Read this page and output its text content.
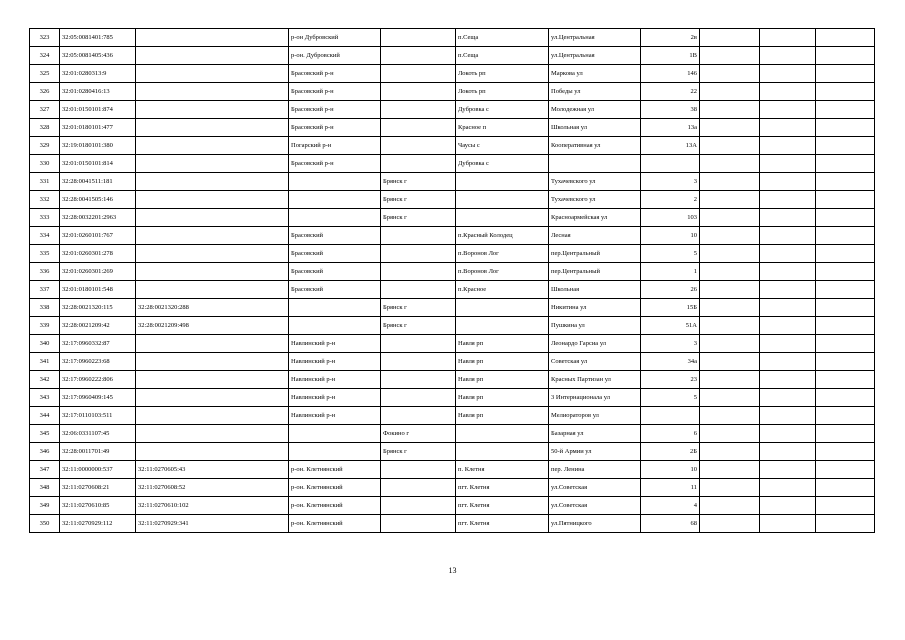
323	32:05:0081401:785		р-он Дубровский		п.Сеща	ул.Центральная	2в			
324	32:05:0081405:436		р-он. Дубровский		п.Сеща	ул.Центральная	1В			
325	32:01:0280313:9		Брасовский р-н		Локоть рп	Маркова ул	146			
326	32:01:0280416:13		Брасовский р-н		Локоть рп	Победы ул	22			
327	32:01:0150101:874		Брасовский р-н		Дубровка с	Молодежная ул	38			
328	32:01:0180101:477		Брасовский р-н		Красное п	Школьная ул	13а			
329	32:19:0180101:380		Погарский р-н		Чаусы с	Кооперативная ул	13А			
330	32:01:0150101:814		Брасовский р-н		Дубровка с					
331	32:28:0041511:181			Брянск г		Тухачевского ул	3			
332	32:28:0041505:146			Брянск г		Тухачевского ул	2			
333	32:28:0032201:2963			Брянск г		Красноармейская ул	103			
334	32:01:0260101:767		Брасовский		п.Красный Колодец	Лесная	10			
335	32:01:0260301:278		Брасовский		п.Воронов Лог	пер.Центральный	5			
336	32:01:0260301:269		Брасовский		п.Воронов Лог	пер.Центральный	1			
337	32:01:0180101:548		Брасовский		п.Красное	Школьная	26			
338	32:28:0021320:115	32:28:0021320:288		Брянск г		Никитина ул	15Б			
339	32:28:0021209:42	32:28:0021209:498		Брянск г		Пушкина ул	51А			
340	32:17:0960332:87		Навлинский р-н		Навля рп	Леонардо Гарсиа ул	3			
341	32:17:0960223:68		Навлинский р-н		Навля рп	Советская ул	34а			
342	32:17:0960222:806		Навлинский р-н		Навля рп	Красных Партизан ул	23			
343	32:17:0960409:145		Навлинский р-н		Навля рп	3 Интернационала ул	5			
344	32:17:0110103:511		Навлинский р-н		Навля рп	Мелиораторов ул				
345	32:06:0331107:45			Фокино г		Базарная ул	6			
346	32:28:0011701:49			Брянск г		50-й Армии ул	2Б			
347	32:11:0000000:537	32:11:0270605:43	р-он. Клетнянский		п. Клетня	пер. Ленина	10			
348	32:11:0270608:21	32:11:0270608:52	р-он. Клетнянский		пгт. Клетня	ул.Советская	11			
349	32:11:0270610:85	32:11:0270610:102	р-он. Клетнянский		пгт. Клетня	ул.Советская	4			
350	32:11:0270929:112	32:11:0270929:341	р-он. Клетнянский		пгт. Клетня	ул.Пятницкого	68			
13
